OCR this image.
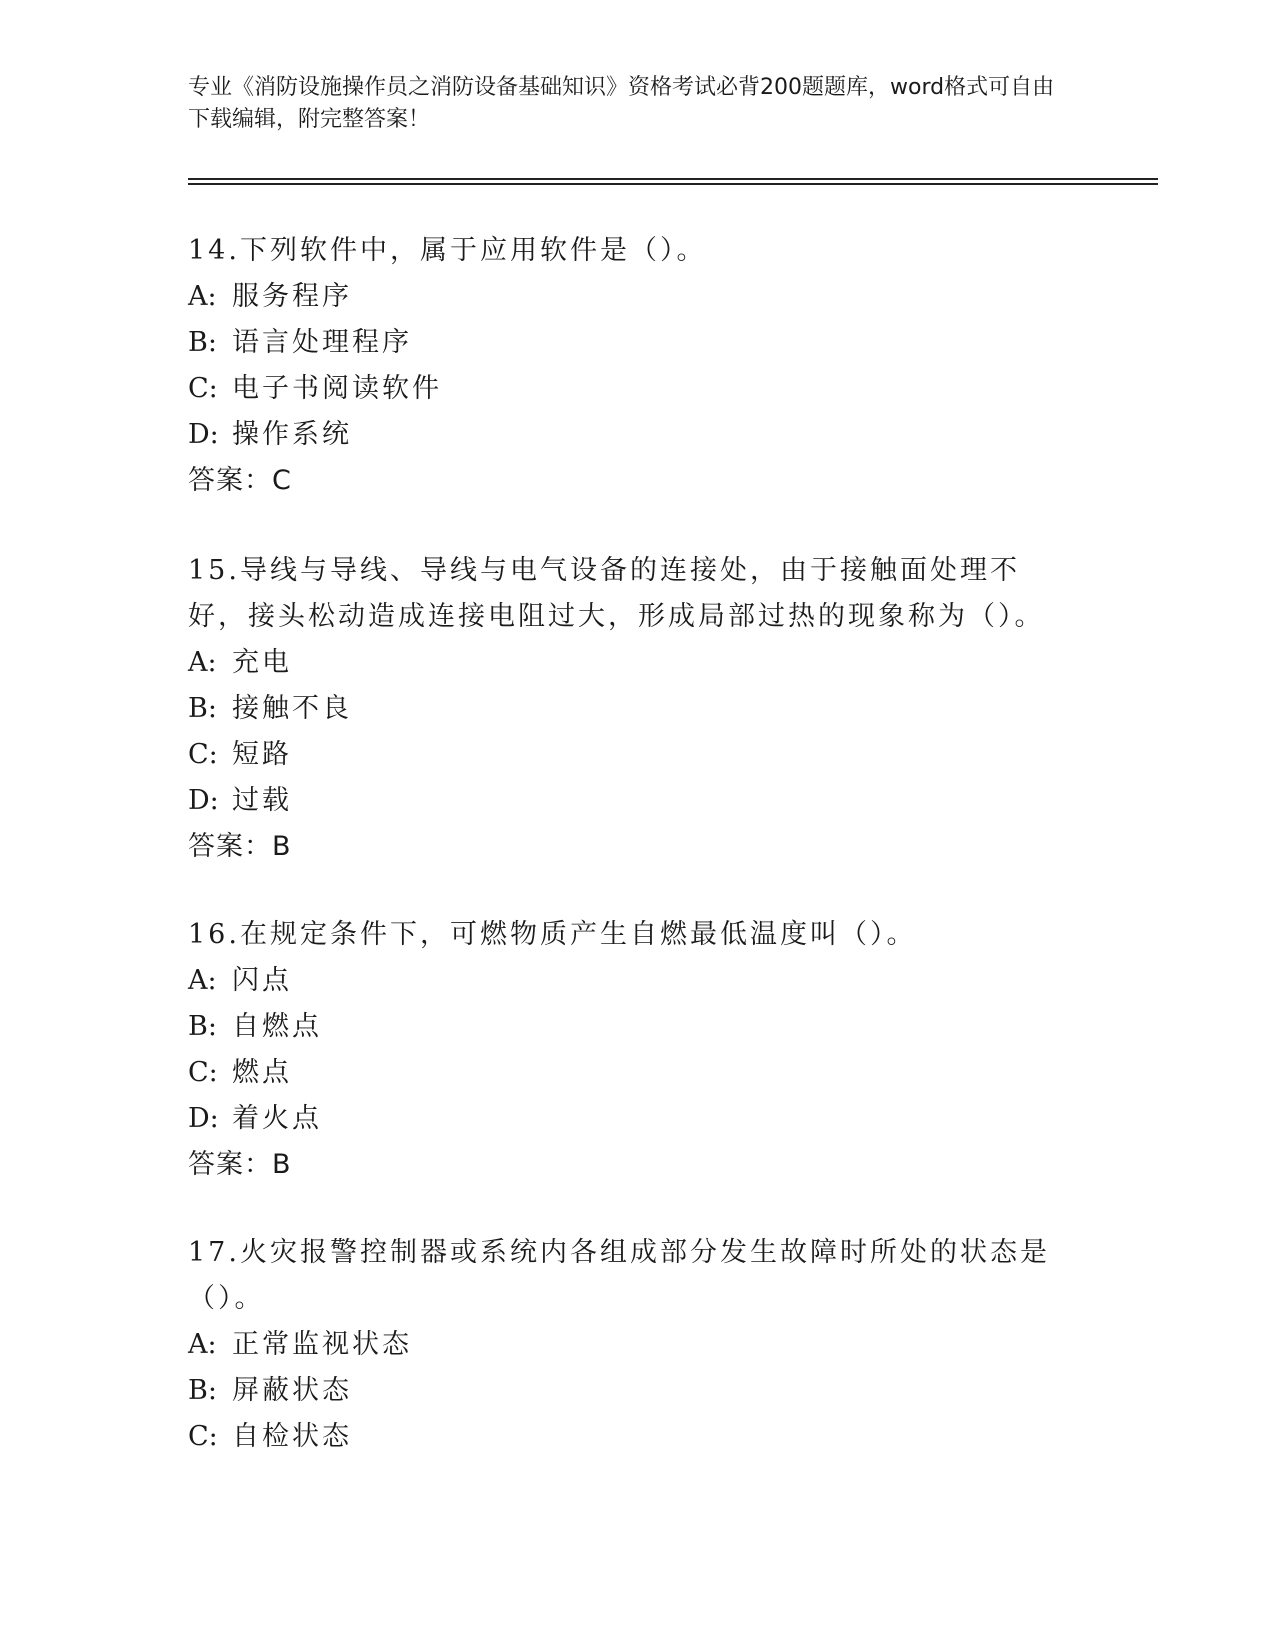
专业《消防设施操作员之消防设备基础知识》资格考试必背200题题库，word格式可自由下载编辑，附完整答案！
14.下列软件中，属于应用软件是（）。
A: 服务程序
B: 语言处理程序
C: 电子书阅读软件
D: 操作系统
答案：C
15.导线与导线、导线与电气设备的连接处，由于接触面处理不好，接头松动造成连接电阻过大，形成局部过热的现象称为（）。
A: 充电
B: 接触不良
C: 短路
D: 过载
答案：B
16.在规定条件下，可燃物质产生自燃最低温度叫（）。
A: 闪点
B: 自燃点
C: 燃点
D: 着火点
答案：B
17.火灾报警控制器或系统内各组成部分发生故障时所处的状态是（）。
A: 正常监视状态
B: 屏蔽状态
C: 自检状态
